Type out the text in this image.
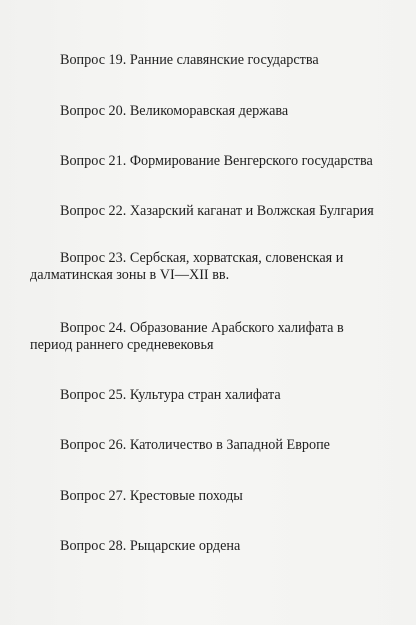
Вопрос 19. Ранние славянские государства
Вопрос 20. Великоморавская держава
Вопрос 21. Формирование Венгерского государства
Вопрос 22. Хазарский каганат и Волжская Булгария
Вопрос 23. Сербская, хорватская, словенская и
далматинская зоны в VI—XII вв.
Вопрос 24. Образование Арабского халифата в
период раннего средневековья
Вопрос 25. Культура стран халифата
Вопрос 26. Католичество в Западной Европе
Вопрос 27. Крестовые походы
Вопрос 28. Рыцарские ордена
